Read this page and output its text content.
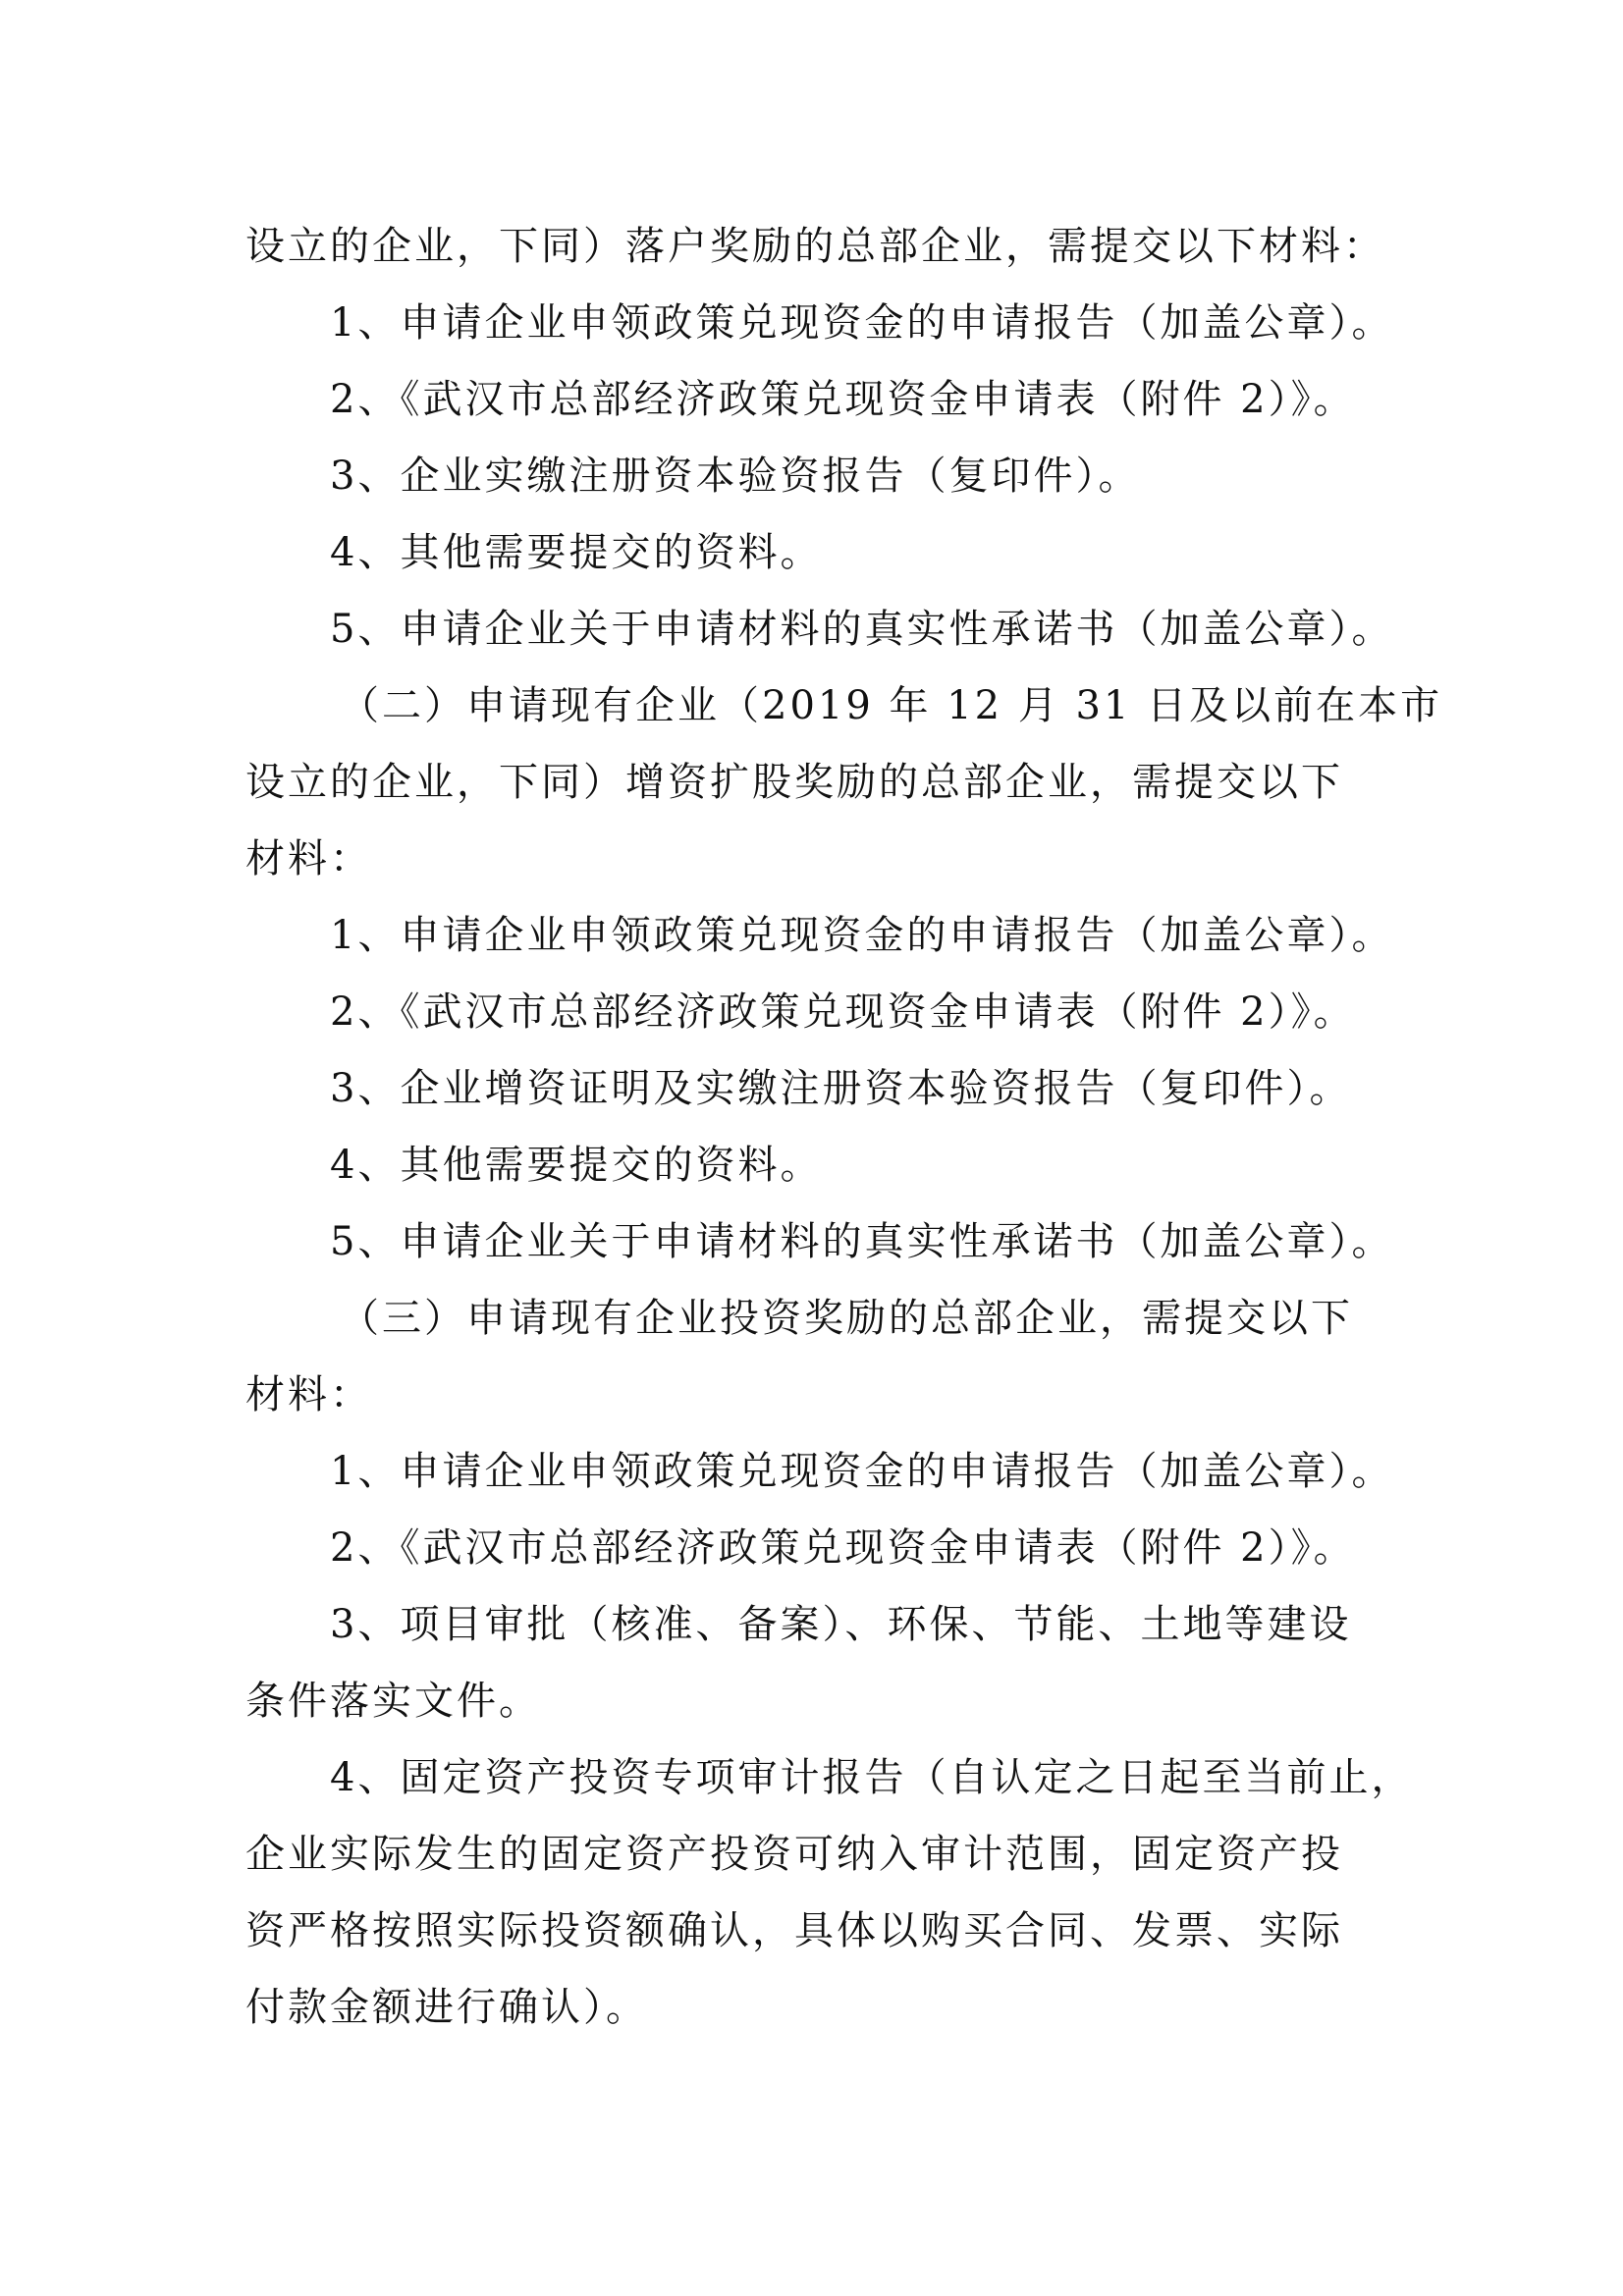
设立的企业，下同）落户奖励的总部企业，需提交以下材料：
1、申请企业申领政策兑现资金的申请报告（加盖公章）。
2、《武汉市总部经济政策兑现资金申请表（附件 2）》。
3、企业实缴注册资本验资报告（复印件）。
4、其他需要提交的资料。
5、申请企业关于申请材料的真实性承诺书（加盖公章）。
（二）申请现有企业（2019 年 12 月 31 日及以前在本市
设立的企业，下同）增资扩股奖励的总部企业，需提交以下
材料：
1、申请企业申领政策兑现资金的申请报告（加盖公章）。
2、《武汉市总部经济政策兑现资金申请表（附件 2）》。
3、企业增资证明及实缴注册资本验资报告（复印件）。
4、其他需要提交的资料。
5、申请企业关于申请材料的真实性承诺书（加盖公章）。
（三）申请现有企业投资奖励的总部企业，需提交以下
材料：
1、申请企业申领政策兑现资金的申请报告（加盖公章）。
2、《武汉市总部经济政策兑现资金申请表（附件 2）》。
3、项目审批（核准、备案）、环保、节能、土地等建设
条件落实文件。
4、固定资产投资专项审计报告（自认定之日起至当前止，
企业实际发生的固定资产投资可纳入审计范围，固定资产投
资严格按照实际投资额确认，具体以购买合同、发票、实际
付款金额进行确认）。
